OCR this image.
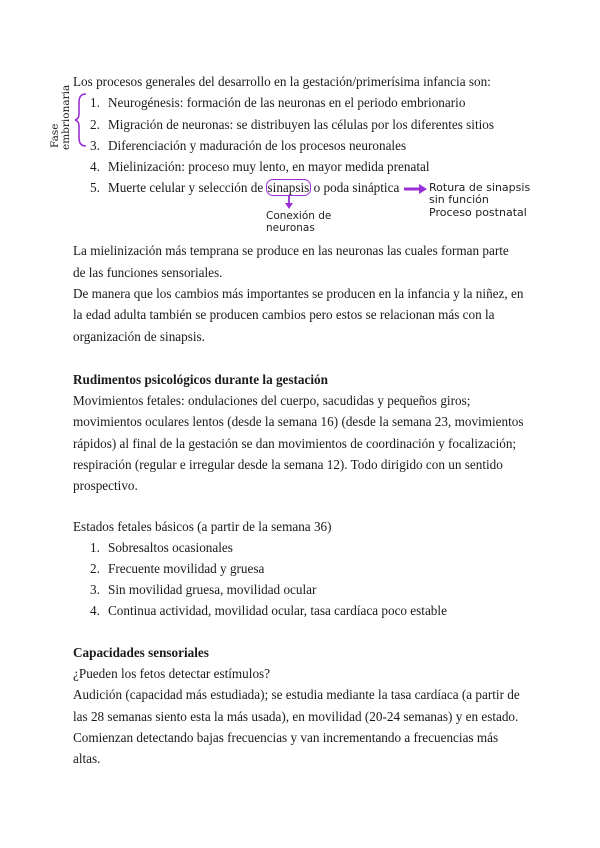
Los procesos generales del desarrollo en la gestación/primerísima infancia son:
Fase embrionaria 1. Neurogénesis: formación de las neuronas en el periodo embrionario
2. Migración de neuronas: se distribuyen las células por los diferentes sitios
3. Diferenciación y maduración de los procesos neuronales
4. Mielinización: proceso muy lento, en mayor medida prenatal
5. Muerte celular y selección de sinapsis o poda sináptica
Conexión de neuronas
Rotura de sinapsis sin función
Proceso postnatal
La mielinización más temprana se produce en las neuronas las cuales forman parte
de las funciones sensoriales.
De manera que los cambios más importantes se producen en la infancia y la niñez, en
la edad adulta también se producen cambios pero estos se relacionan más con la
organización de sinapsis.
Rudimentos psicológicos durante la gestación
Movimientos fetales: ondulaciones del cuerpo, sacudidas y pequeños giros;
movimientos oculares lentos (desde la semana 16) (desde la semana 23, movimientos
rápidos) al final de la gestación se dan movimientos de coordinación y focalización;
respiración (regular e irregular desde la semana 12). Todo dirigido con un sentido
prospectivo.
Estados fetales básicos (a partir de la semana 36)
1. Sobresaltos ocasionales
2. Frecuente movilidad y gruesa
3. Sin movilidad gruesa, movilidad ocular
4. Continua actividad, movilidad ocular, tasa cardíaca poco estable
Capacidades sensoriales
¿Pueden los fetos detectar estímulos?
Audición (capacidad más estudiada); se estudia mediante la tasa cardíaca (a partir de
las 28 semanas siento esta la más usada), en movilidad (20-24 semanas) y en estado.
Comienzan detectando bajas frecuencias y van incrementando a frecuencias más
altas.
